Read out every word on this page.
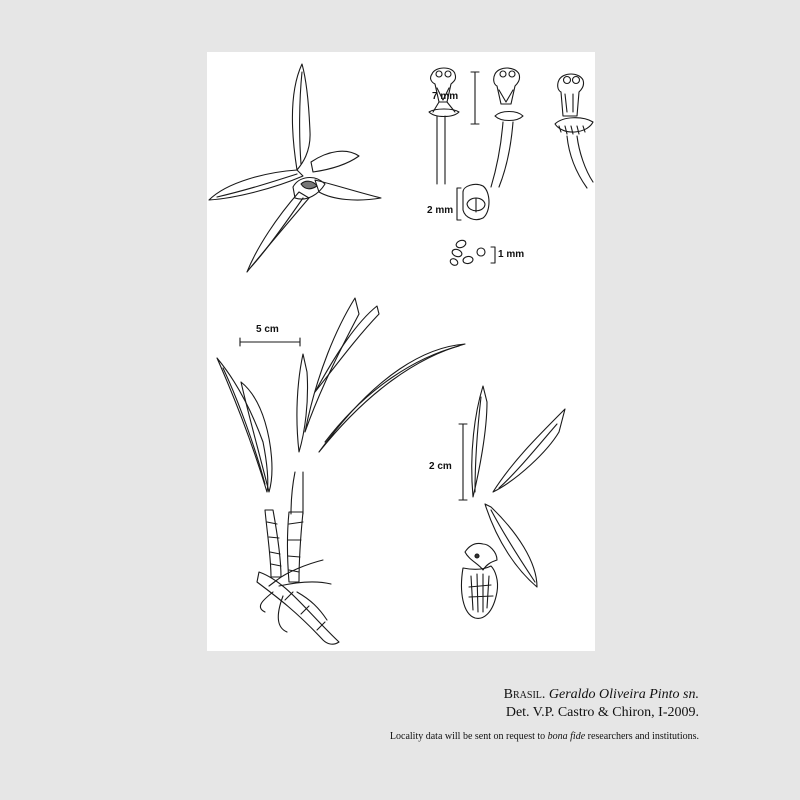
7 mm
2 mm
1 mm
5 cm
2 cm
Brasil. Geraldo Oliveira Pinto sn.
Det. V.P. Castro & Chiron, I-2009.
Locality data will be sent on request to bona fide researchers and institutions.
